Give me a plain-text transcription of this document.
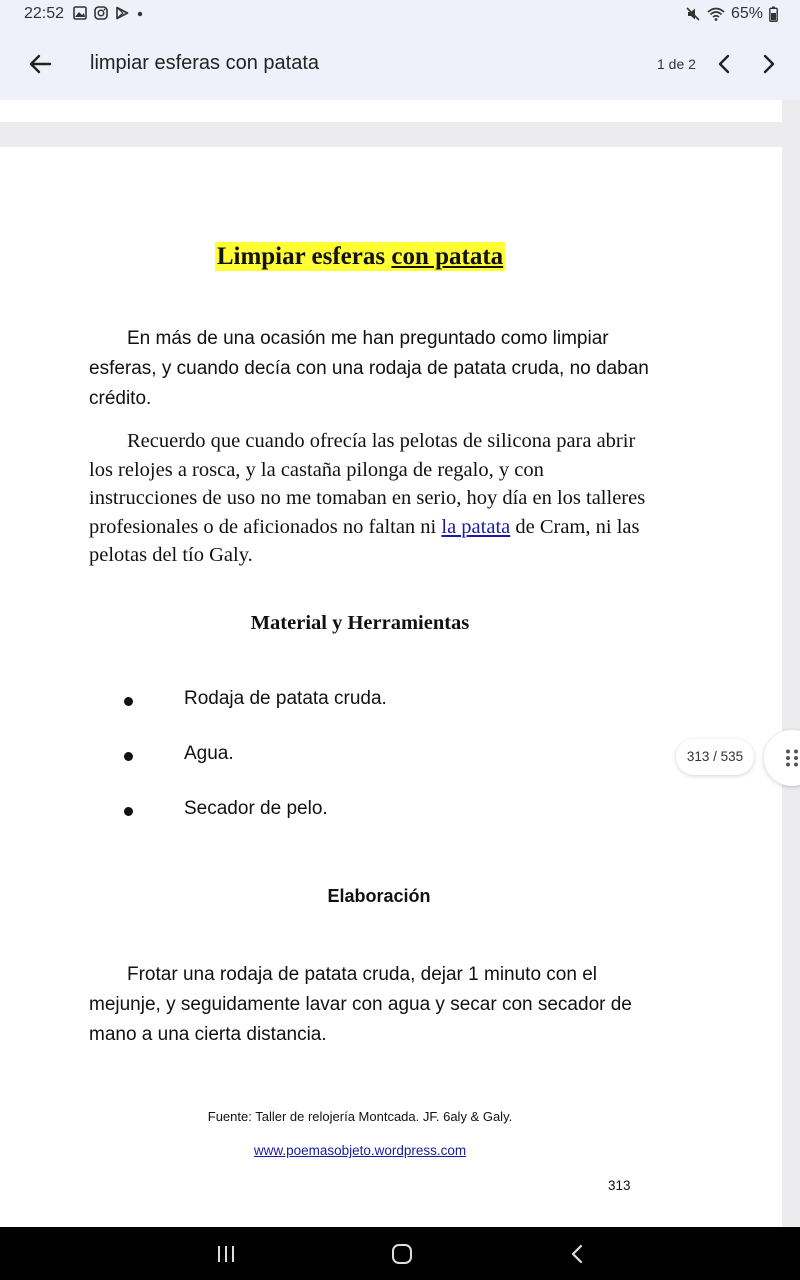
22:52	65%
limpiar esferas con patata	1 de 2
Limpiar esferas con patata

En más de una ocasión me han preguntado como limpiar esferas, y cuando decía con una rodaja de patata cruda, no daban crédito.

Recuerdo que cuando ofrecía las pelotas de silicona para abrir los relojes a rosca, y la castaña pilonga de regalo, y con instrucciones de uso no me tomaban en serio, hoy día en los talleres profesionales o de aficionados no faltan ni la patata de Cram, ni las pelotas del tío Galy.

Material y Herramientas
Rodaja de patata cruda.
Agua.
Secador de pelo.
Elaboración

Frotar una rodaja de patata cruda, dejar 1 minuto con el mejunje, y seguidamente lavar con agua y secar con secador de mano a una cierta distancia.

Fuente: Taller de relojería Montcada. JF. 6aly & Galy.
www.poemasobjeto.wordpress.com
313
313 / 535
